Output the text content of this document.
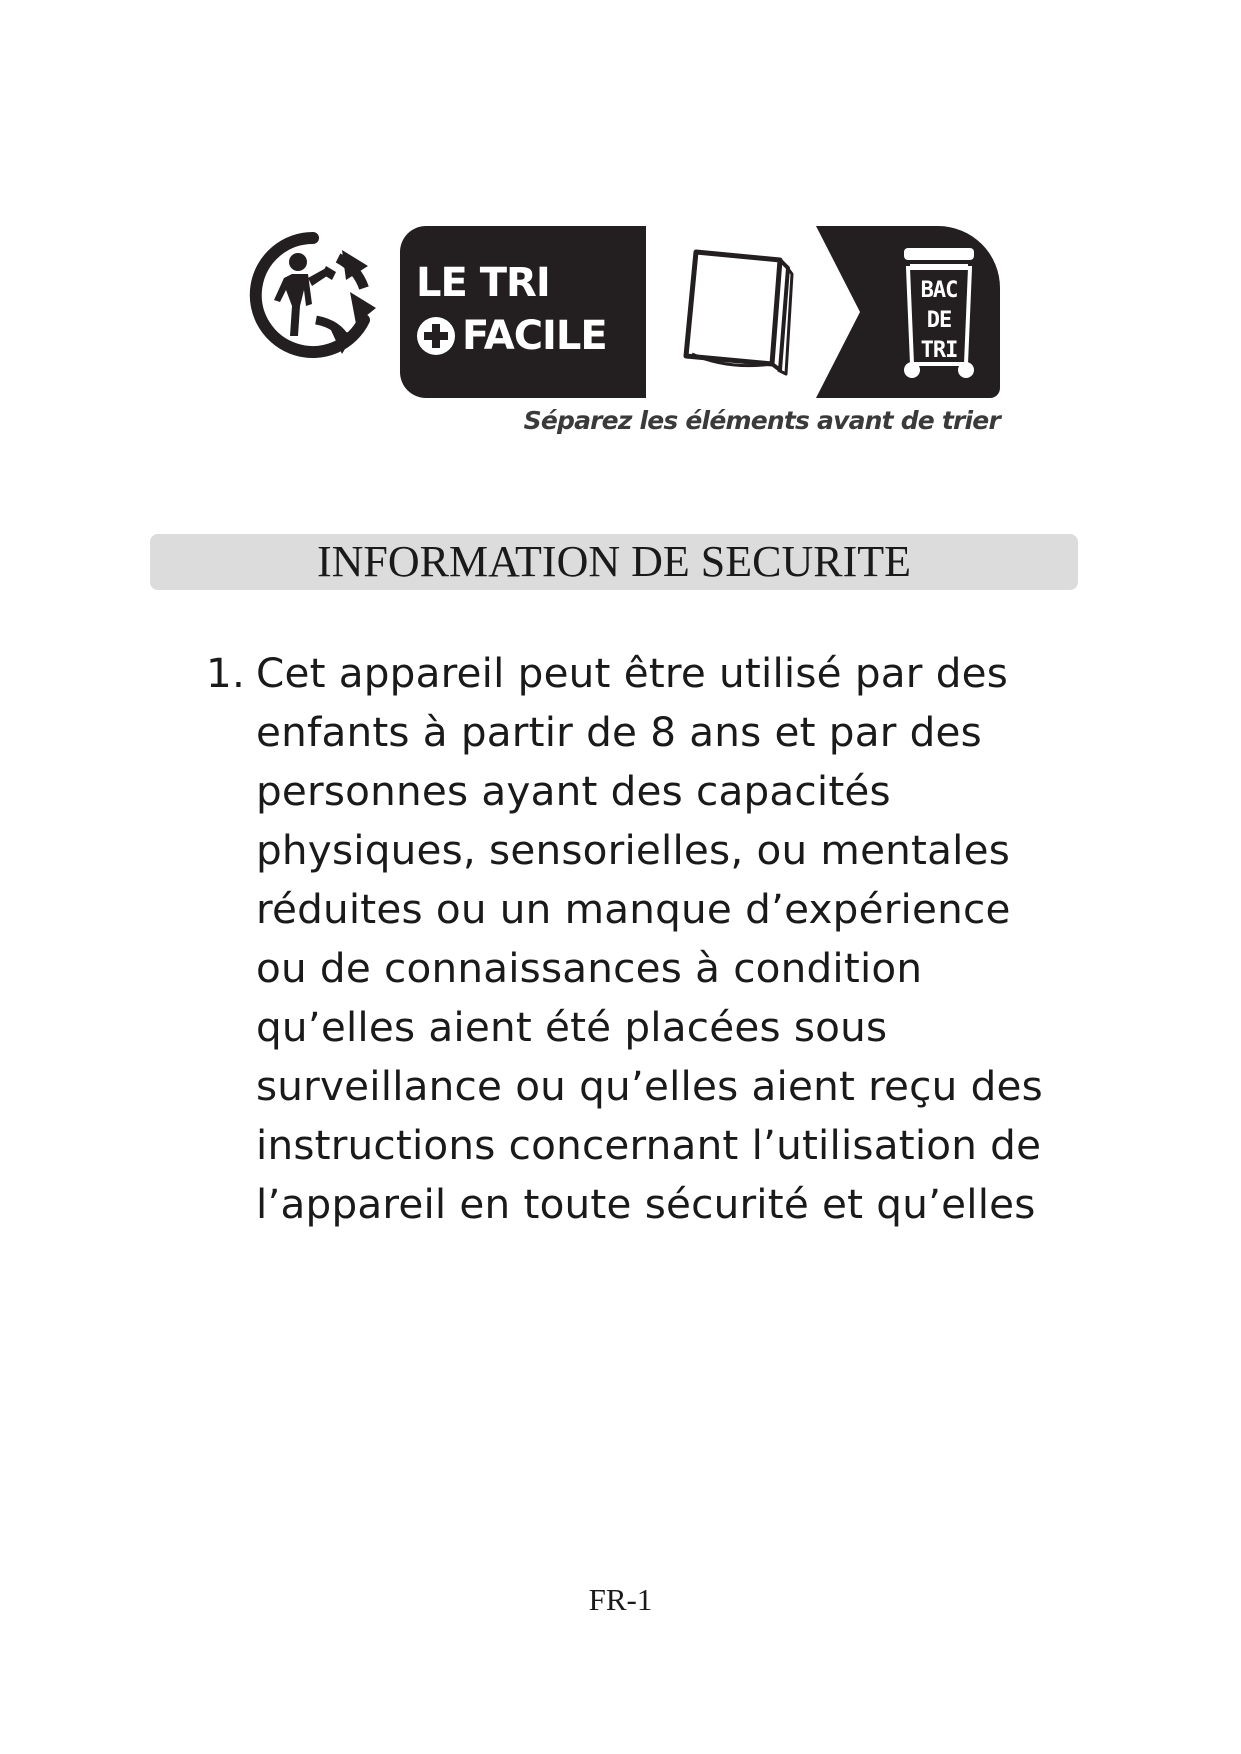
LE TRI
FACILE
BAC
DE
TRI
Séparez les éléments avant de trier
INFORMATION DE SECURITE
1. Cet appareil peut être utilisé par des
enfants à partir de 8 ans et par des
personnes ayant des capacités
physiques, sensorielles, ou mentales
réduites ou un manque d’expérience
ou de connaissances à condition
qu’elles aient été placées sous
surveillance ou qu’elles aient reçu des
instructions concernant l’utilisation de
l’appareil en toute sécurité et qu’elles
FR-1
